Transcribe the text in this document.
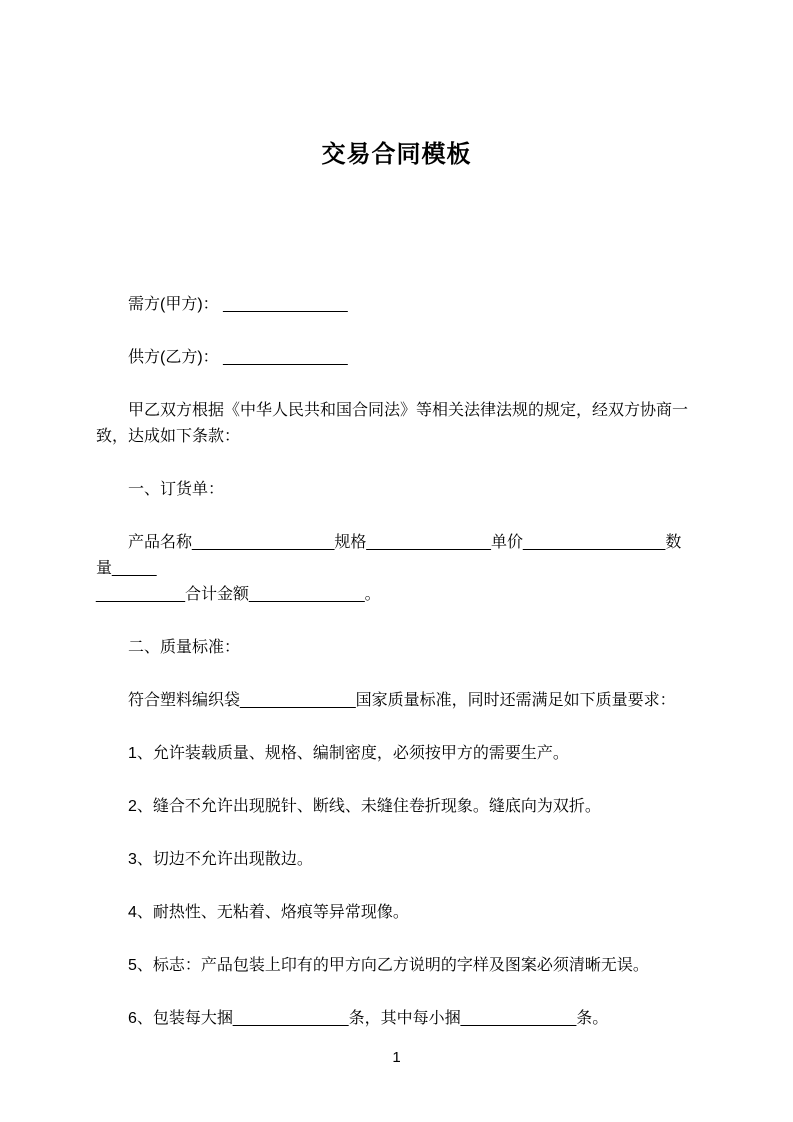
交易合同模板

需方(甲方)： ______________

供方(乙方)： ______________

甲乙双方根据《中华人民共和国合同法》等相关法律法规的规定，经双方协商一

致，达成如下条款：

一、订货单：

产品名称________________规格______________单价________________数量_____

__________合计金额_____________。

二、质量标准：

符合塑料编织袋_____________国家质量标准，同时还需满足如下质量要求：

1、允许装载质量、规格、编制密度，必须按甲方的需要生产。

2、缝合不允许出现脱针、断线、未缝住卷折现象。缝底向为双折。

3、切边不允许出现散边。

4、耐热性、无粘着、烙痕等异常现像。

5、标志：产品包装上印有的甲方向乙方说明的字样及图案必须清晰无误。

6、包装每大捆_____________条，其中每小捆_____________条。

1
